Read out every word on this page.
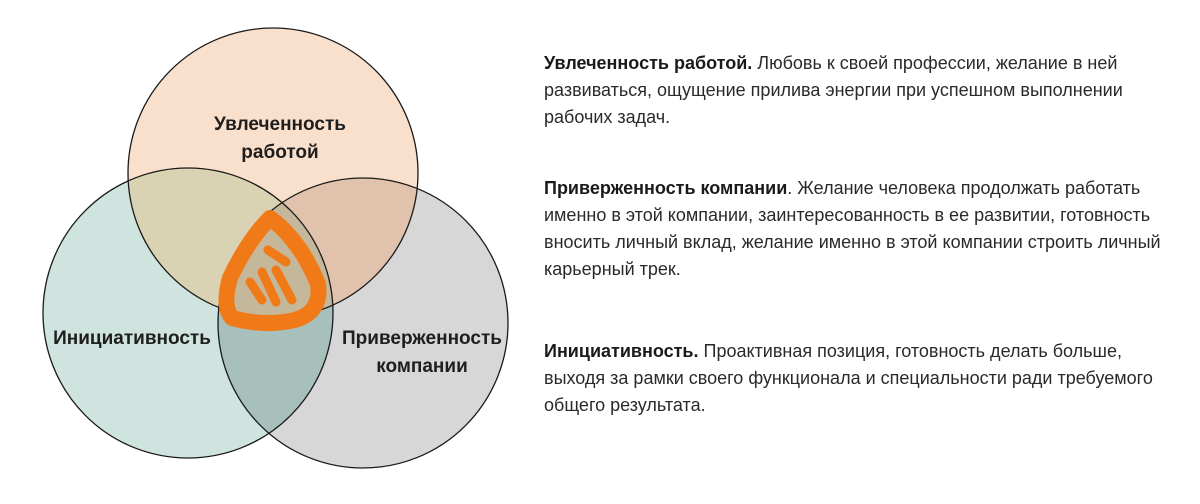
Увлеченность
работой
Инициативность	Приверженность
компании

Увлеченность работой. Любовь к своей профессии, желание в ней развиваться, ощущение прилива энергии при успешном выполнении рабочих задач.

Приверженность компании. Желание человека продолжать работать именно в этой компании, заинтересованность в ее развитии, готовность вносить личный вклад, желание именно в этой компании строить личный карьерный трек.

Инициативность. Проактивная позиция, готовность делать больше, выходя за рамки своего функционала и специальности ради требуемого общего результата.
